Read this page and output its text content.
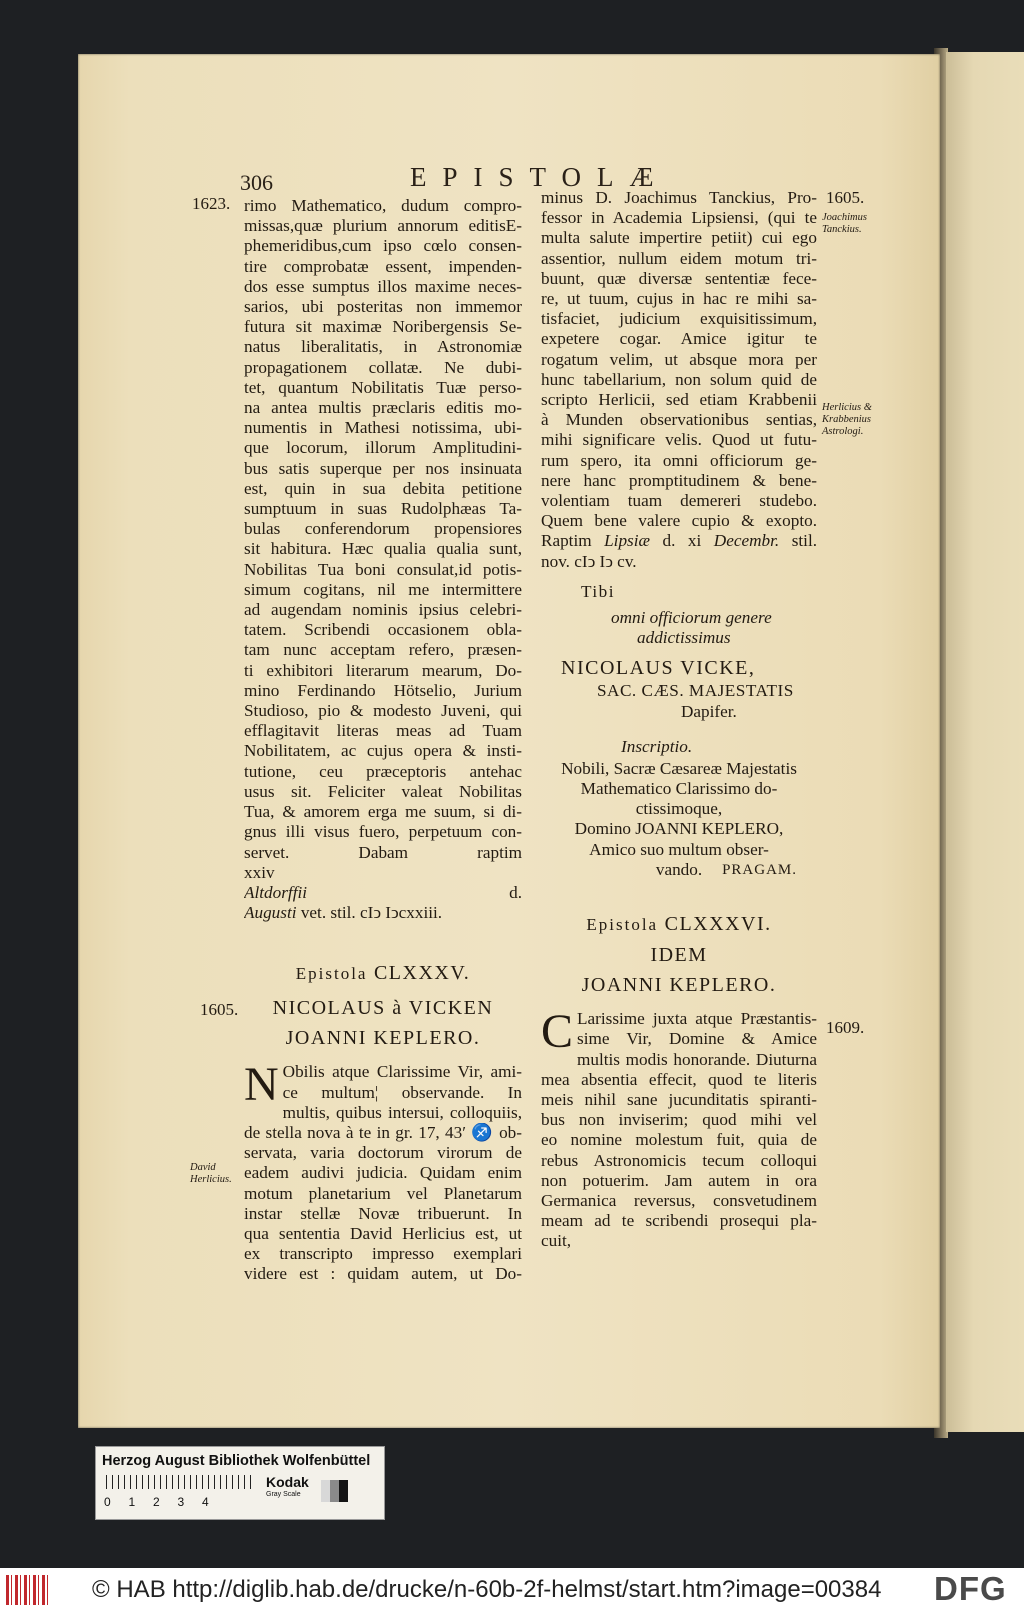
306	EPISTOLÆ
1623. rimo Mathematico, dudum compro-
missas,quæ plurium annorum editisE-
phemeridibus,cum ipso cœlo consen-
tire comprobatæ essent, impenden-
dos esse sumptus illos maxime neces-
sarios, ubi posteritas non immemor
futura sit maximæ Noribergensis Se-
natus liberalitatis, in Astronomiæ
propagationem collatæ. Ne dubi-
tet, quantum Nobilitatis Tuæ perso-
na antea multis præclaris editis mo-
numentis in Mathesi notissima, ubi-
que locorum, illorum Amplitudini-
bus satis superque per nos insinuata
est, quin in sua debita petitione
sumptuum in suas Rudolphæas Ta-
bulas conferendorum propensiores
sit habitura. Hæc qualia qualia sunt,
Nobilitas Tua boni consulat,id potis-
simum cogitans, nil me intermittere
ad augendam nominis ipsius celebri-
tatem. Scribendi occasionem obla-
tam nunc acceptam refero, præsen-
ti exhibitori literarum mearum, Do-
mino Ferdinando Hötselio, Jurium
Studioso, pio & modesto Juveni, qui
efflagitavit literas meas ad Tuam
Nobilitatem, ac cujus opera & insti-
tutione, ceu præceptoris antehac
usus sit. Feliciter valeat Nobilitas
Tua, & amorem erga me suum, si di-
gnus illi visus fuero, perpetuum con-
servet. Dabam raptim
xxiv
Altdorffii d.
Augusti vet. stil. cIↄ Iↄcxxiii.
Epistola CLXXXV.
NICOLAUS à VICKEN
JOANNI KEPLERO.
N Obilis atque Clarissime Vir, ami-
ce multum¦ observande. In
multis, quibus intersui, colloquiis,
de stella nova à te in gr. 17, 43′ ♐ ob-
servata, varia doctorum virorum de
eadem audivi judicia. Quidam enim
motum planetarium vel Planetarum
instar stellæ Novæ tribuerunt. In
qua sententia David Herlicius est, ut
ex transcripto impresso exemplari
videre est : quidam autem, ut Do-
1605.
David Herlicius.
1605.
Joachimus Tanckius.
Herlicius & Krabbenius Astrologi.
minus D. Joachimus Tanckius, Pro-
fessor in Academia Lipsiensi, (qui te
multa salute impertire petiit) cui ego
assentior, nullum eidem motum tri-
buunt, quæ diversæ sententiæ fece-
re, ut tuum, cujus in hac re mihi sa-
tisfaciet, judicium exquisitissimum,
expetere cogar. Amice igitur te
rogatum velim, ut absque mora per
hunc tabellarium, non solum quid de
scripto Herlicii, sed etiam Krabbenii
à Munden observationibus sentias,
mihi significare velis. Quod ut futu-
rum spero, ita omni officiorum ge-
nere hanc promptitudinem & bene-
volentiam tuam demereri studebo.
Quem bene valere cupio & exopto.
Raptim Lipsiæ d. xi Decembr. stil.
nov. cIↄ Iↄ cv.
Tibi
omni officiorum genere
addictissimus
NICOLAUS VICKE,
SAC. CÆS. MAJESTATIS
Dapifer.
Inscriptio.
Nobili, Sacræ Cæsareæ Majestatis
Mathematico Clarissimo do-
ctissimoque,
Domino JOANNI KEPLERO,
Amico suo multum obser-
vando.	PRAGAM.
Epistola CLXXXVI.
IDEM
JOANNI KEPLERO.
C Larissime juxta atque Præstantis-
sime Vir, Domine & Amice
multis modis honorande. Diuturna
mea absentia effecit, quod te literis
meis nihil sane jucunditatis spiranti-
bus non inviserim; quod mihi vel
eo nomine molestum fuit, quia de
rebus Astronomicis tecum colloqui
non potuerim. Jam autem in ora
Germanica reversus, consvetudinem
meam ad te scribendi prosequi pla-
cuit,
1609.
Herzog August Bibliothek Wolfenbüttel
0 1 2 3 4
Kodak
Gray Scale
© HAB http://diglib.hab.de/drucke/n-60b-2f-helmst/start.htm?image=00384 DFG
